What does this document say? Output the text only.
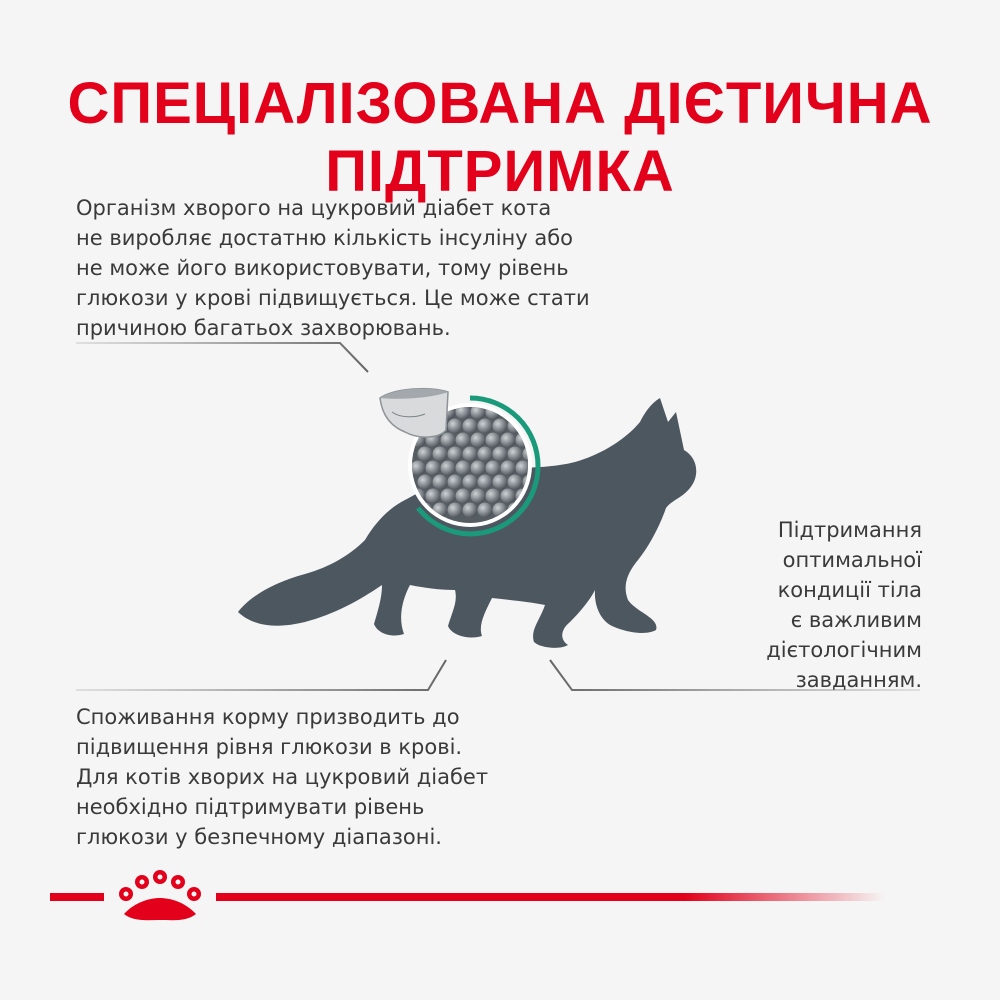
СПЕЦІАЛІЗОВАНА ДІЄТИЧНА
ПІДТРИМКА
Організм хворого на цукровий діабет кота
не виробляє достатню кількість інсуліну або
не може його використовувати, тому рівень
глюкози у крові підвищується. Це може стати
причиною багатьох захворювань.
Споживання корму призводить до
підвищення рівня глюкози в крові.
Для котів хворих на цукровий діабет
необхідно підтримувати рівень
глюкози у безпечному діапазоні.
Підтримання
оптимальної
кондиції тіла
є важливим
дієтологічним
завданням.
